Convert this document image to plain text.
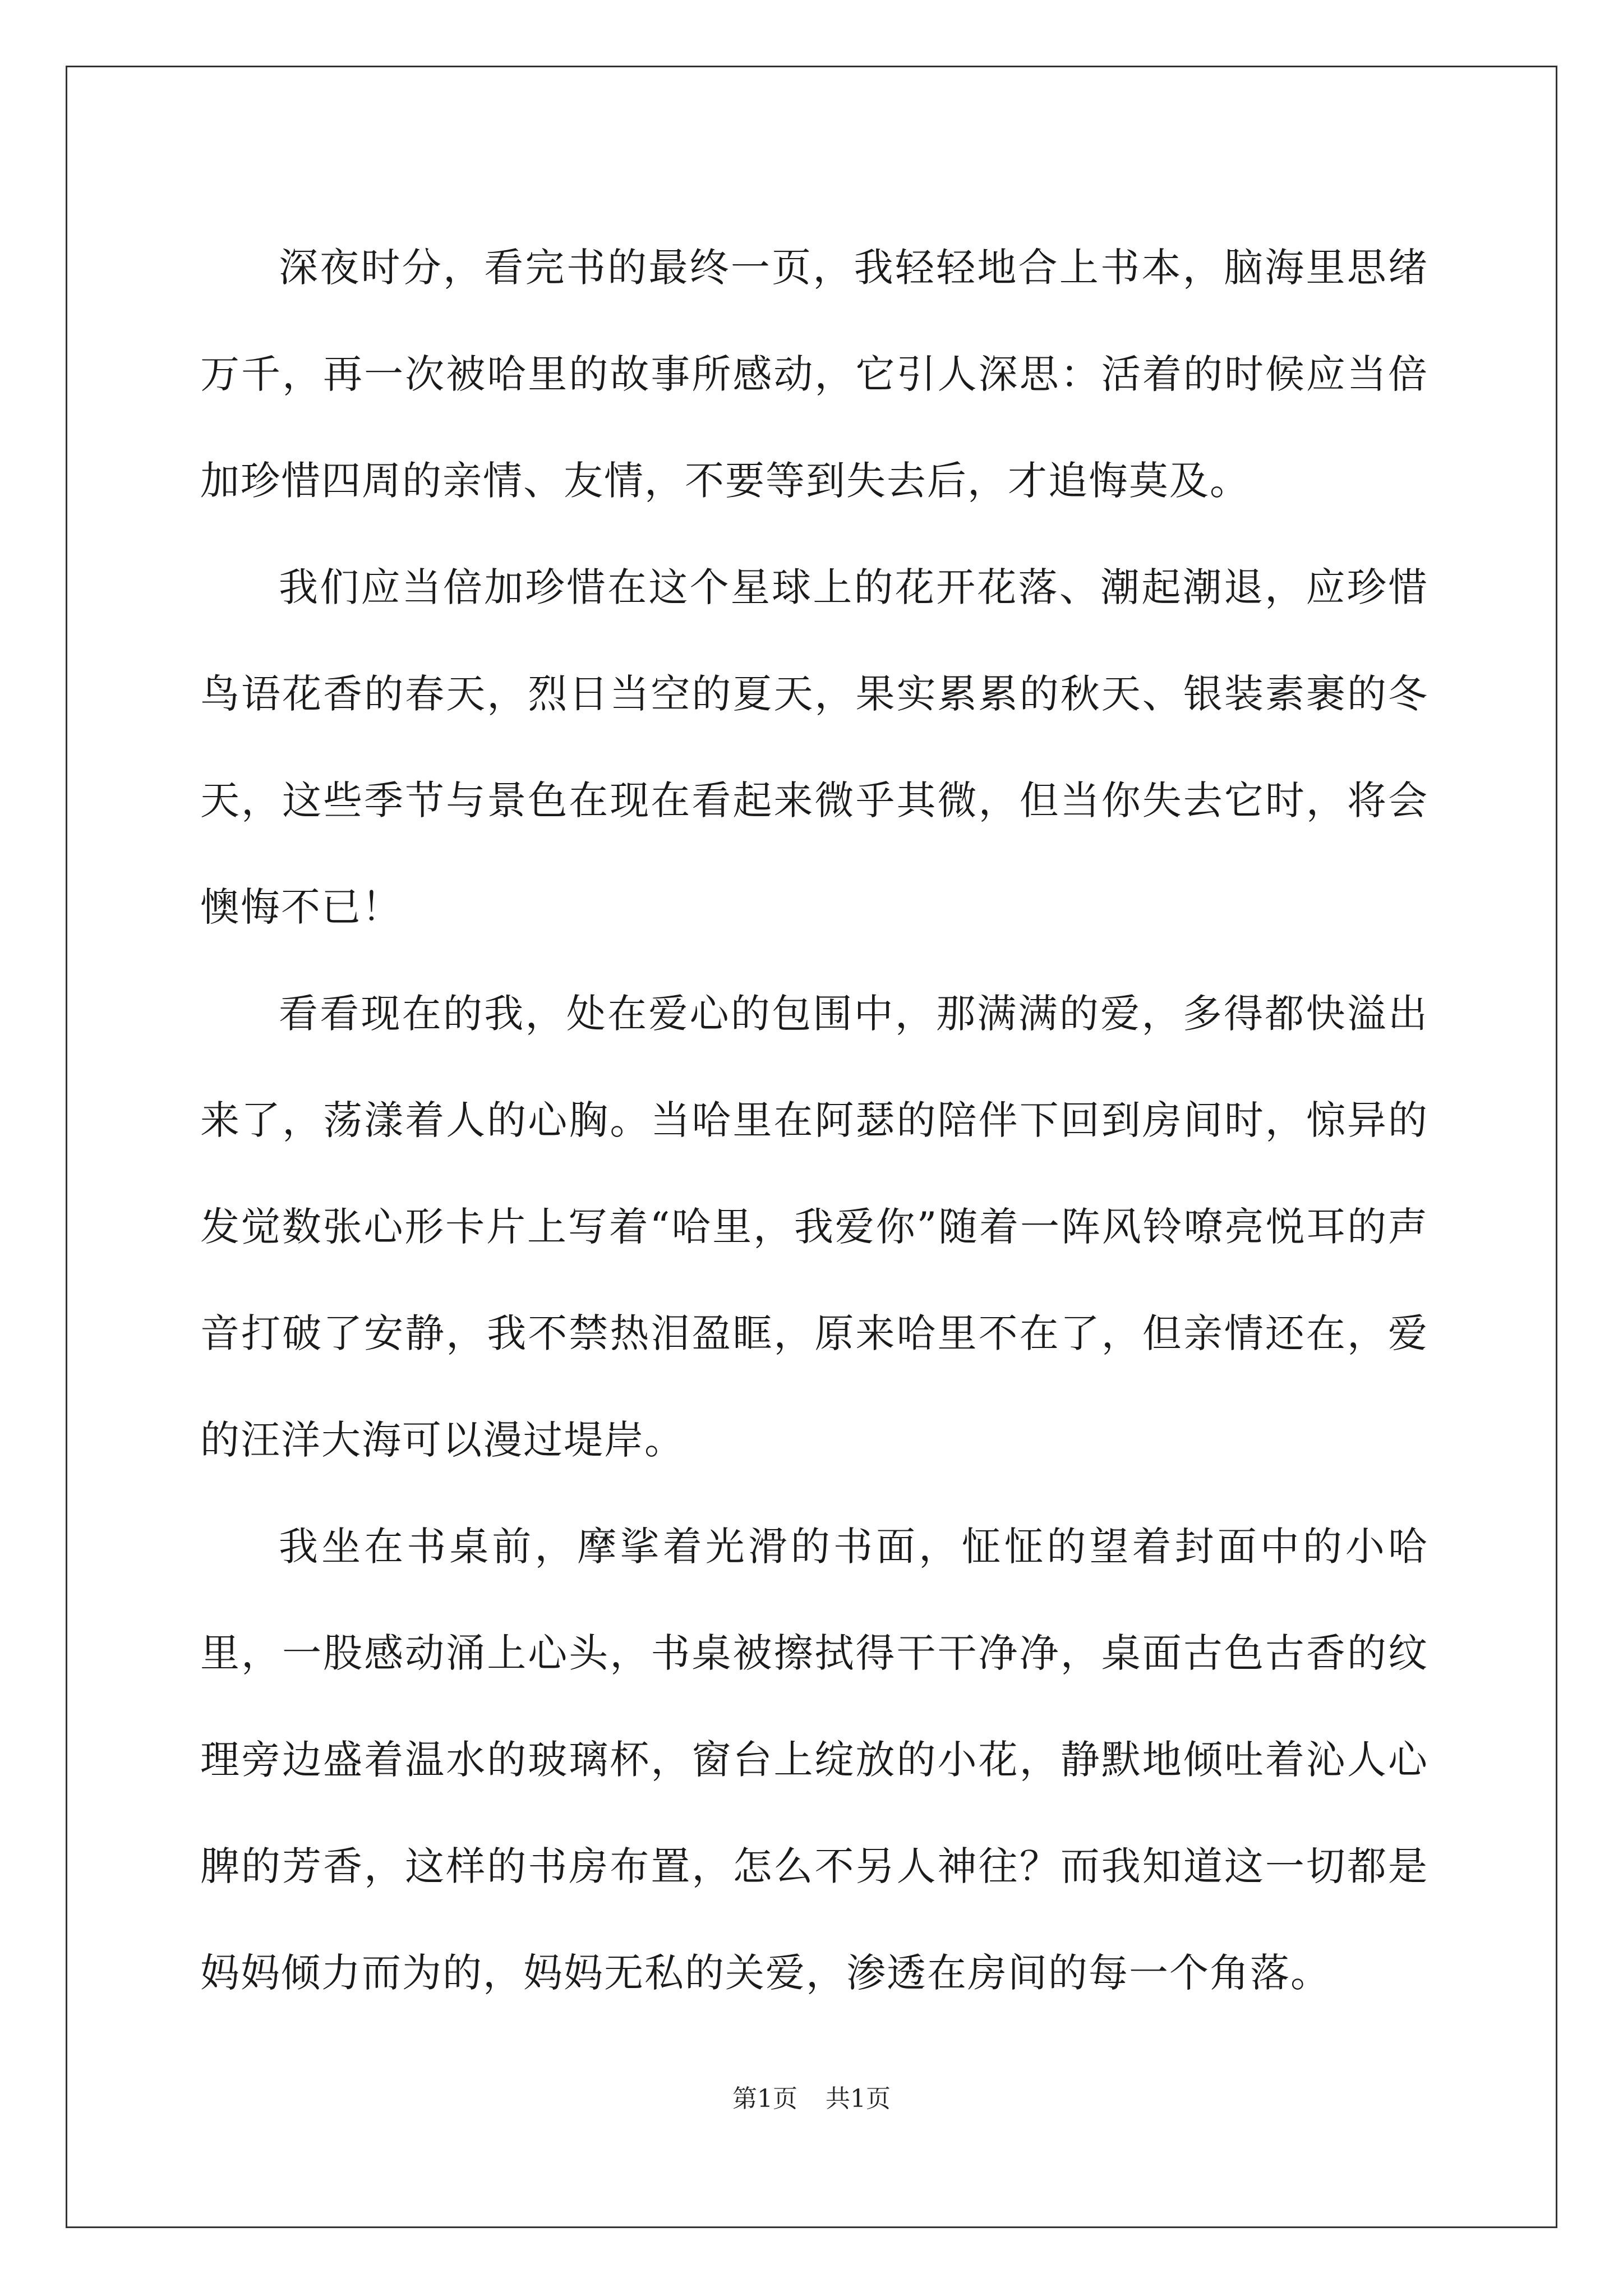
深夜时分，看完书的最终一页，我轻轻地合上书本，脑海里思绪万千，再一次被哈里的故事所感动，它引人深思：活着的时候应当倍加珍惜四周的亲情、友情，不要等到失去后，才追悔莫及。

我们应当倍加珍惜在这个星球上的花开花落、潮起潮退，应珍惜鸟语花香的春天，烈日当空的夏天，果实累累的秋天、银装素裹的冬天，这些季节与景色在现在看起来微乎其微，但当你失去它时，将会懊悔不已！

看看现在的我，处在爱心的包围中，那满满的爱，多得都快溢出来了，荡漾着人的心胸。当哈里在阿瑟的陪伴下回到房间时，惊异的发觉数张心形卡片上写着“哈里，我爱你”随着一阵风铃嘹亮悦耳的声音打破了安静，我不禁热泪盈眶，原来哈里不在了，但亲情还在，爱的汪洋大海可以漫过堤岸。

我坐在书桌前，摩挲着光滑的书面，怔怔的望着封面中的小哈里，一股感动涌上心头，书桌被擦拭得干干净净，桌面古色古香的纹理旁边盛着温水的玻璃杯，窗台上绽放的小花，静默地倾吐着沁人心脾的芳香，这样的书房布置，怎么不另人神往？而我知道这一切都是妈妈倾力而为的，妈妈无私的关爱，渗透在房间的每一个角落。

第1页 共1页
